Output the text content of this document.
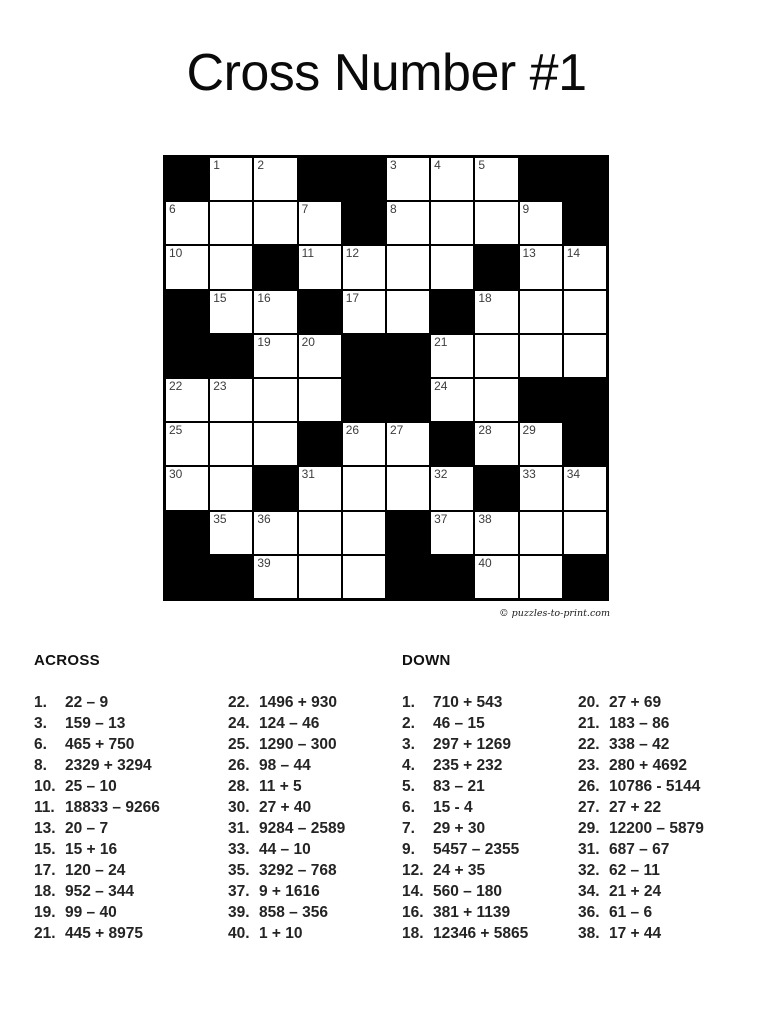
Cross Number #1
1	2	3	4	5
6	7	8	9
10	11	12	13	14
15	16	17	18
19	20	21
22	23	24
25	26	27	28	29
30	31	32	33	34
35	36	37	38
39	40
© puzzles-to-print.com
ACROSS	DOWN
1.	22 – 9
3.	159 – 13
6.	465 + 750
8.	2329 + 3294
10. 25 – 10
11. 18833 – 9266
13. 20 – 7
15. 15 + 16
17. 120 – 24
18. 952 – 344
19. 99 – 40
21. 445 + 8975
22. 1496 + 930
24. 124 – 46
25. 1290 – 300
26. 98 – 44
28. 11 + 5
30. 27 + 40
31. 9284 – 2589
33. 44 – 10
35. 3292 – 768
37. 9 + 1616
39. 858 – 356
40. 1 + 10
1.	710 + 543
2.	46 – 15
3.	297 + 1269
4.	235 + 232
5.	83 – 21
6.	15 - 4
7.	29 + 30
9.	5457 – 2355
12. 24 + 35
14. 560 – 180
16. 381 + 1139
18. 12346 + 5865
20. 27 + 69
21. 183 – 86
22. 338 – 42
23. 280 + 4692
26. 10786 - 5144
27. 27 + 22
29. 12200 – 5879
31. 687 – 67
32. 62 – 11
34. 21 + 24
36. 61 – 6
38. 17 + 44
